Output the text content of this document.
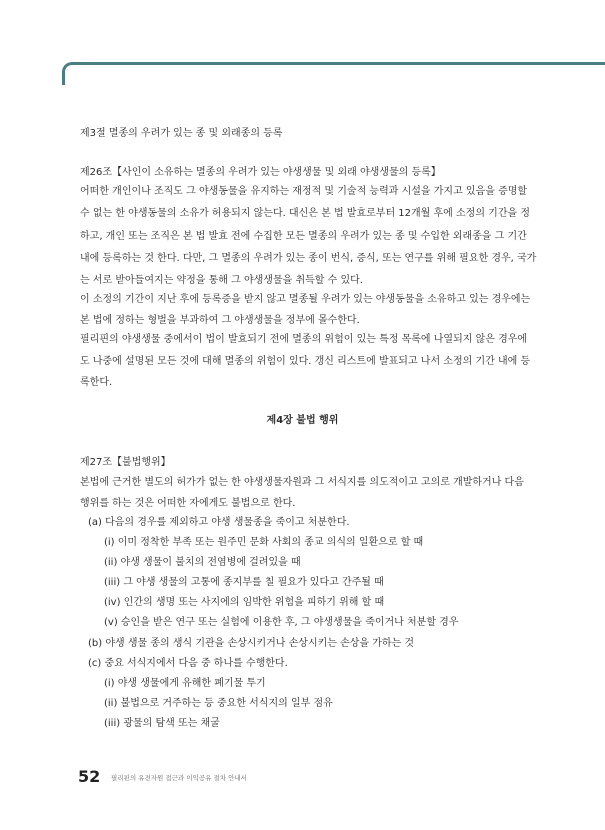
제3절 멸종의 우려가 있는 종 및 외래종의 등록
제26조【사인이 소유하는 멸종의 우려가 있는 야생생물 및 외래 야생생물의 등록】
어떠한 개인이나 조직도 그 야생동물을 유지하는 재정적 및 기술적 능력과 시설을 가지고 있음을 증명할
수 없는 한 야생동물의 소유가 허용되지 않는다. 대신은 본 법 발효로부터 12개월 후에 소정의 기간을 정
하고, 개인 또는 조직은 본 법 발효 전에 수집한 모든 멸종의 우려가 있는 종 및 수입한 외래종을 그 기간
내에 등록하는 것 한다. 다만, 그 멸종의 우려가 있는 종이 번식, 증식, 또는 연구를 위해 필요한 경우, 국가
는 서로 받아들여지는 약정을 통해 그 야생생물을 취득할 수 있다.
이 소정의 기간이 지난 후에 등록증을 받지 않고 멸종될 우려가 있는 야생동물을 소유하고 있는 경우에는
본 법에 정하는 형벌을 부과하여 그 야생생물을 정부에 몰수한다.
필리핀의 야생생물 중에서이 법이 발효되기 전에 멸종의 위험이 있는 특정 목록에 나열되지 않은 경우에
도 나중에 설명된 모든 것에 대해 멸종의 위험이 있다. 갱신 리스트에 발표되고 나서 소정의 기간 내에 등
록한다.
제4장 불법 행위
제27조【불법행위】
본법에 근거한 별도의 허가가 없는 한 야생생물자원과 그 서식지를 의도적이고 고의로 개발하거나 다음
행위를 하는 것은 어떠한 자에게도 불법으로 한다.
(a) 다음의 경우를 제외하고 야생 생물종을 죽이고 처분한다.
(i) 이미 정착한 부족 또는 원주민 문화 사회의 종교 의식의 일환으로 할 때
(ii) 야생 생물이 불치의 전염병에 걸려있을 때
(iii) 그 야생 생물의 고통에 종지부를 칠 필요가 있다고 간주될 때
(iv) 인간의 생명 또는 사지에의 임박한 위험을 피하기 위해 할 때
(v) 승인을 받은 연구 또는 실험에 이용한 후, 그 야생생물을 죽이거나 처분할 경우
(b) 야생 생물 종의 생식 기관을 손상시키거나 손상시키는 손상을 가하는 것
(c) 중요 서식지에서 다음 중 하나를 수행한다.
(i) 야생 생물에게 유해한 폐기물 투기
(ii) 불법으로 거주하는 등 중요한 서식지의 일부 점유
(iii) 광물의 탐색 또는 채굴
52 필리핀의 유전자원 접근과 이익공유 절차 안내서
